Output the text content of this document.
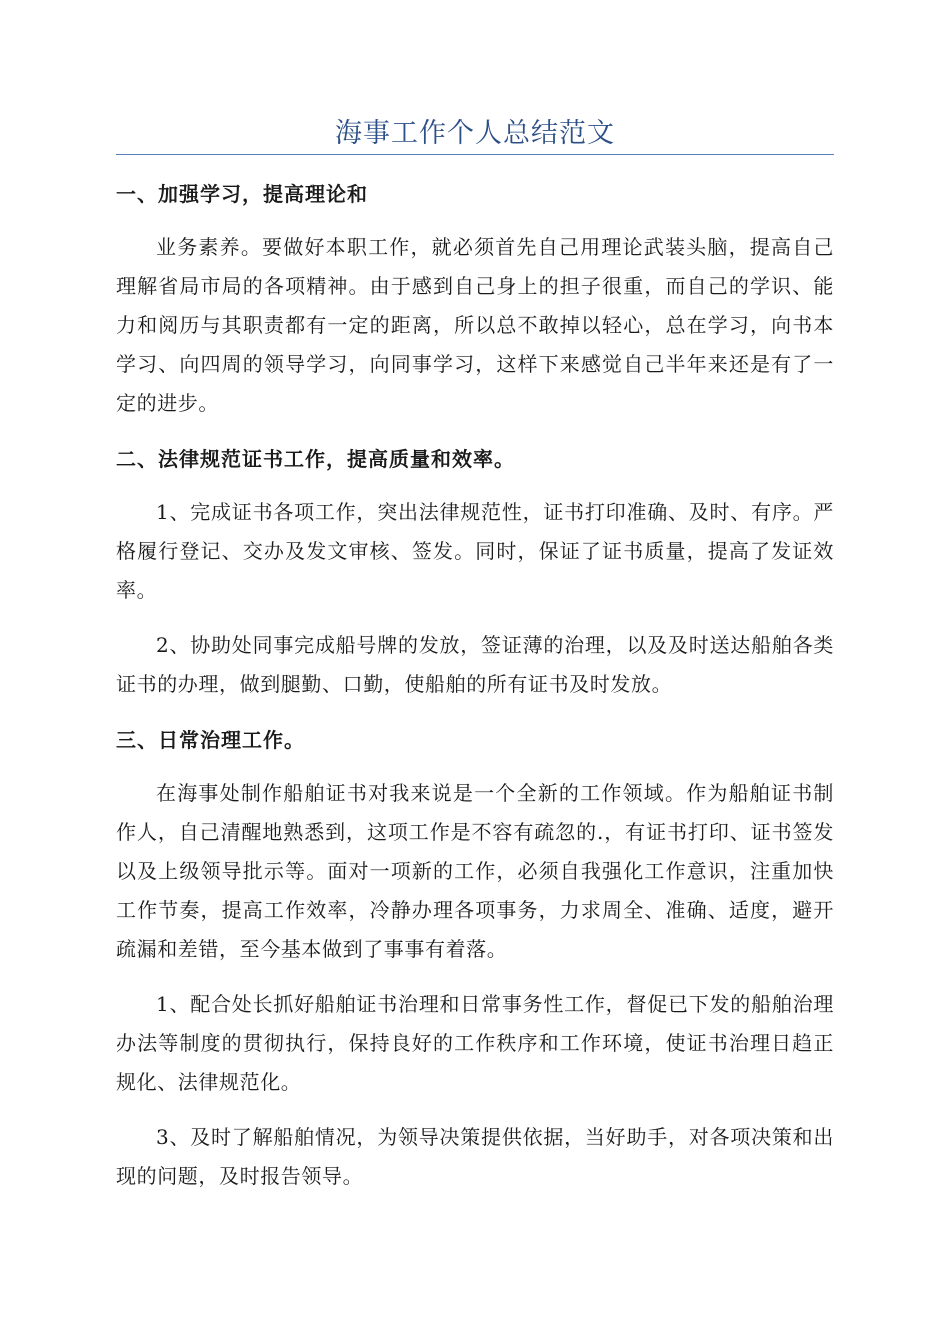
海事工作个人总结范文

一、加强学习，提高理论和

业务素养。要做好本职工作，就必须首先自己用理论武装头脑，提高自己理解省局市局的各项精神。由于感到自己身上的担子很重，而自己的学识、能力和阅历与其职责都有一定的距离，所以总不敢掉以轻心，总在学习，向书本学习、向四周的领导学习，向同事学习，这样下来感觉自己半年来还是有了一定的进步。

二、法律规范证书工作，提高质量和效率。

1、完成证书各项工作，突出法律规范性，证书打印准确、及时、有序。严格履行登记、交办及发文审核、签发。同时，保证了证书质量，提高了发证效率。

2、协助处同事完成船号牌的发放，签证薄的治理，以及及时送达船舶各类证书的办理，做到腿勤、口勤，使船舶的所有证书及时发放。

三、日常治理工作。

在海事处制作船舶证书对我来说是一个全新的工作领域。作为船舶证书制作人，自己清醒地熟悉到，这项工作是不容有疏忽的.，有证书打印、证书签发以及上级领导批示等。面对一项新的工作，必须自我强化工作意识，注重加快工作节奏，提高工作效率，冷静办理各项事务，力求周全、准确、适度，避开疏漏和差错，至今基本做到了事事有着落。

1、配合处长抓好船舶证书治理和日常事务性工作，督促已下发的船舶治理办法等制度的贯彻执行，保持良好的工作秩序和工作环境，使证书治理日趋正规化、法律规范化。

3、及时了解船舶情况，为领导决策提供依据，当好助手，对各项决策和出现的问题，及时报告领导。
